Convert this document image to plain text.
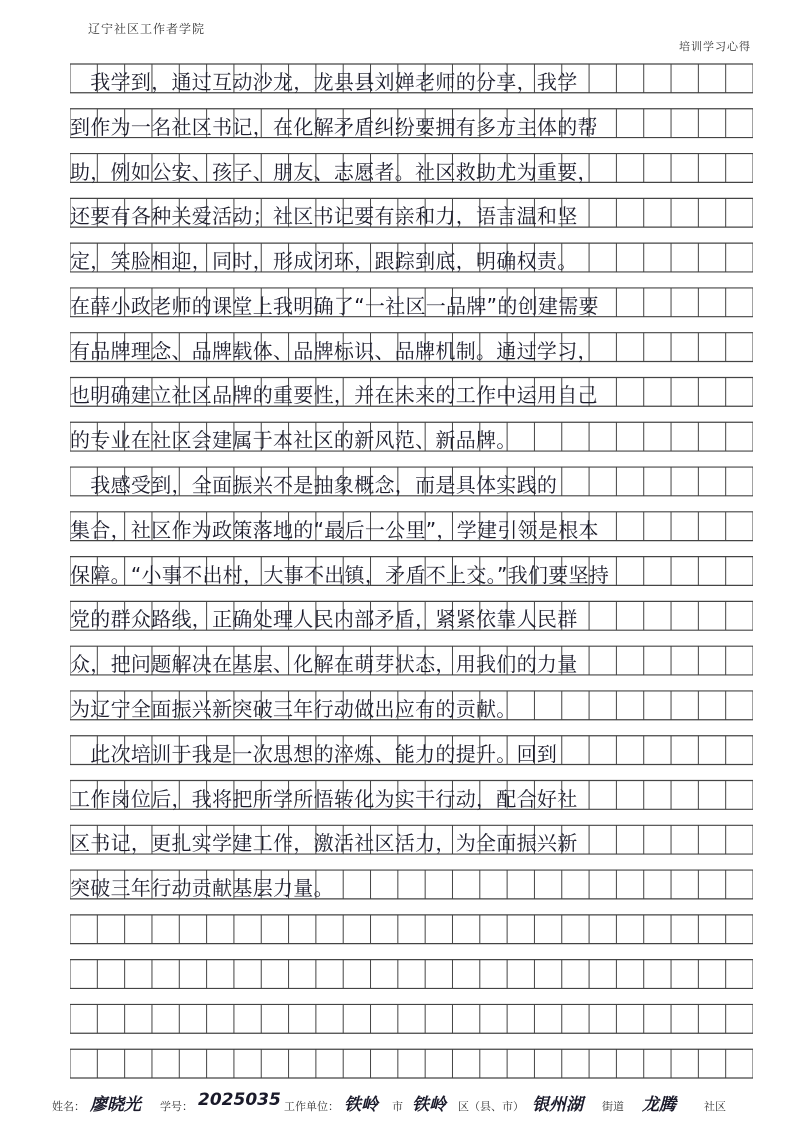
辽宁社区工作者学院
培训学习心得
　我学到，通过互动沙龙，龙县县刘婵老师的分享，我学
到作为一名社区书记，在化解矛盾纠纷要拥有多方主体的帮
助，例如公安、孩子、朋友、志愿者。社区救助尤为重要，
还要有各种关爱活动；社区书记要有亲和力，语言温和坚
定，笑脸相迎，同时，形成闭环，跟踪到底，明确权责。
在薛小政老师的课堂上我明确了“一社区一品牌”的创建需要
有品牌理念、品牌载体、品牌标识、品牌机制。通过学习，
也明确建立社区品牌的重要性，并在未来的工作中运用自己
的专业在社区会建属于本社区的新风范、新品牌。
　我感受到，全面振兴不是抽象概念，而是具体实践的
集合，社区作为政策落地的“最后一公里”，学建引领是根本
保障。“小事不出村，大事不出镇，矛盾不上交。”我们要坚持
党的群众路线，正确处理人民内部矛盾，紧紧依靠人民群
众，把问题解决在基层、化解在萌芽状态，用我们的力量
为辽宁全面振兴新突破三年行动做出应有的贡献。
　此次培训于我是一次思想的淬炼、能力的提升。回到
工作岗位后，我将把所学所悟转化为实干行动，配合好社
区书记，更扎实学建工作，激活社区活力，为全面振兴新
突破三年行动贡献基层力量。
姓名： 廖晓光 学号： 2025035 工作单位： 铁岭 市 铁岭 区（县、市） 银州湖 街道 龙腾	社区
